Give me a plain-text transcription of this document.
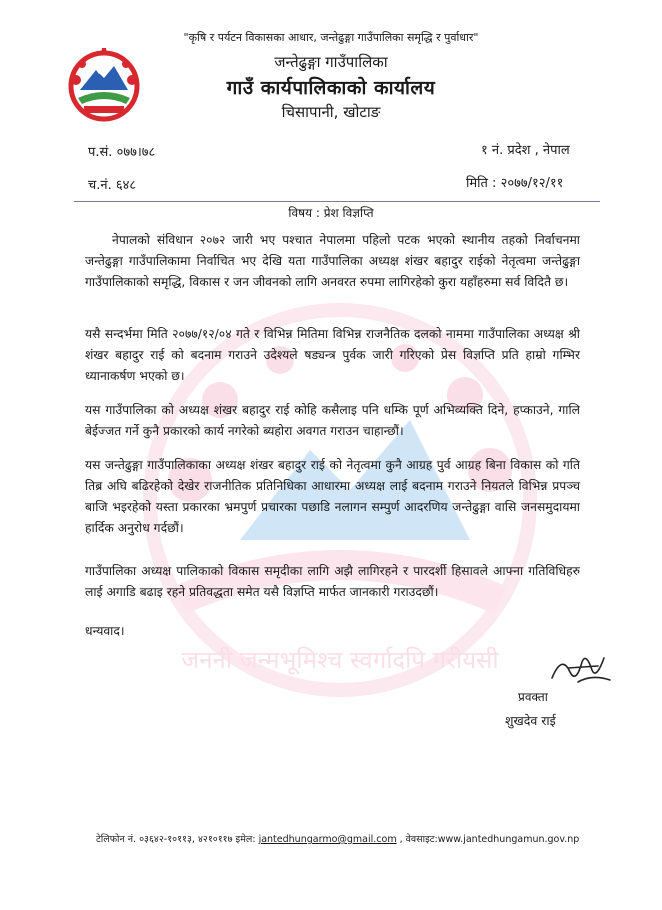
जननी जन्मभूमिश्च स्वर्गादपि गरीयसी
"कृषि र पर्यटन विकासका आधार, जन्तेढुङ्गा गाउँपालिका समृद्धि र पुर्वाधार"
जन्तेढुङ्गा गाउँपालिका
गाउँ कार्यपालिकाको कार्यालय
चिसापानी, खोटाङ
प.सं. ०७७।७८	१ नं. प्रदेश , नेपाल
च.नं. ६४८	मिति : २०७७/१२/११
विषय : प्रेश विज्ञप्ति
नेपालको संविधान २०७२ जारी भए पश्चात नेपालमा पहिलो पटक भएको स्थानीय तहको निर्वाचनमा जन्तेढुङ्गा गाउँपालिकामा निर्वाचित भए देखि यता गाउँपालिका अध्यक्ष शंखर बहादुर राईको नेतृत्वमा जन्तेढुङ्गा गाउँपालिकाको समृद्धि, विकास र जन जीवनको लागि अनवरत रुपमा लागिरहेको कुरा यहाँहरुमा सर्व विदितै छ।
यसै सन्दर्भमा मिति २०७७/१२/०४ गते र विभिन्न मितिमा विभिन्न राजनैतिक दलको नाममा गाउँपालिका अध्यक्ष श्री शंखर बहादुर राई को बदनाम गराउने उदेश्यले षड्यन्त्र पुर्वक जारी गरिएको प्रेस विज्ञप्ति प्रति हाम्रो गम्भिर ध्यानाकर्षण भएको छ।
यस गाउँपालिका को अध्यक्ष शंखर बहादुर राई कोहि कसैलाइ पनि धम्कि पूर्ण अभिव्यक्ति दिने, हप्काउने, गालि बेईज्जत गर्ने कुनै प्रकारको कार्य नगरेको ब्यहोरा अवगत गराउन चाहान्छौं।
यस जन्तेढुङ्गा गाउँपालिकाका अध्यक्ष शंखर बहादुर राई को नेतृत्वमा कुनै आग्रह पुर्व आग्रह बिना विकास को गति तिब्र अघि बढिरहेको देखेर राजनीतिक प्रतिनिधिका आधारमा अध्यक्ष लाई बदनाम गराउने नियतले विभिन्न प्रपञ्च बाजि भइरहेको यस्ता प्रकारका भ्रमपुर्ण प्रचारका पछाडि नलागन सम्पुर्ण आदरणिय जन्तेढुङ्गा वासि जनसमुदायमा हार्दिक अनुरोध गर्दछौं।
गाउँपालिका अध्यक्ष पालिकाको विकास समृदीका लागि अझै लागिरहने र पारदर्शी हिसावले आफ्ना गतिविधिहरु लाई अगाडि बढाइ रहने प्रतिवद्धता समेत यसै विज्ञप्ति मार्फत जानकारी गराउदछौं।
धन्यवाद।
प्रवक्ता
शुखदेव राई
टेलिफोन नं. ०३६४२-१०११३, ४२१०११७ इमेल: jantedhungarmo@gmail.com , वेवसाइट:www.jantedhungamun.gov.np
